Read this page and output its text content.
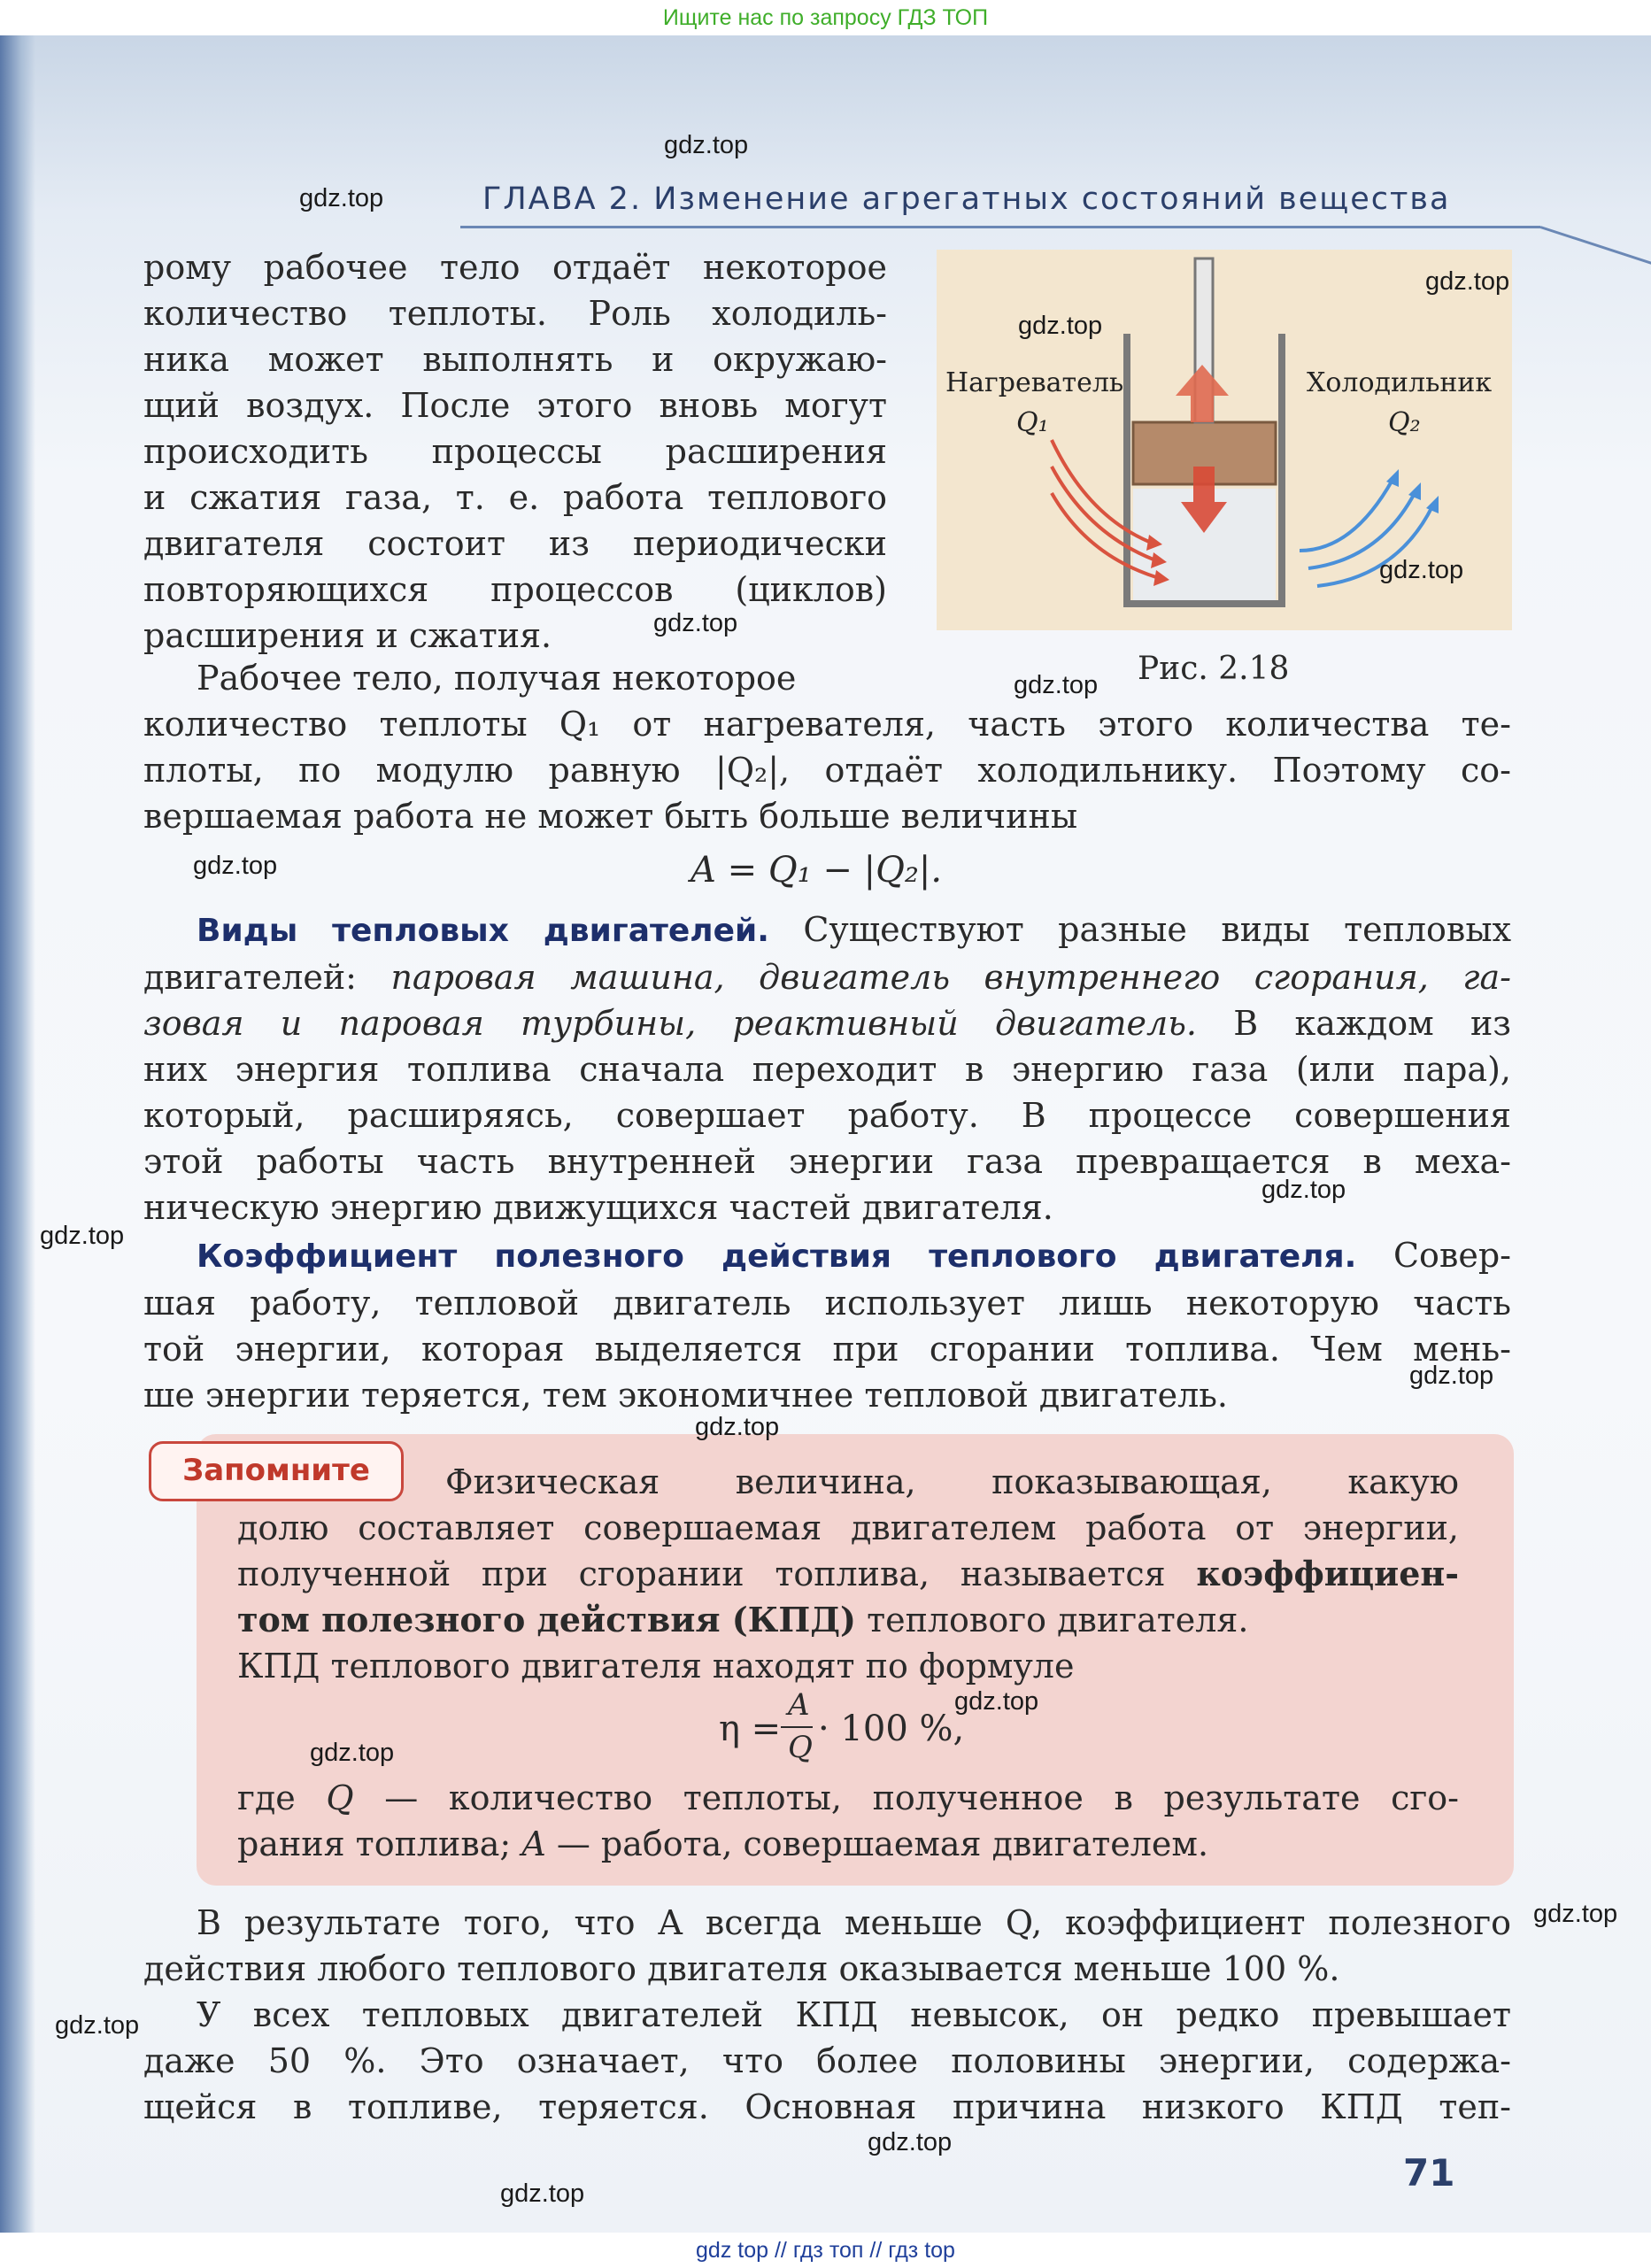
Ищите нас по запросу ГДЗ ТОП
ГЛАВА 2. Изменение агрегатных состояний вещества
рому рабочее тело отдаёт некоторое
количество теплоты. Роль холодиль-
ника может выполнять и окружаю-
щий воздух. После этого вновь могут
происходить процессы расширения
и сжатия газа, т. е. работа теплового
двигателя состоит из периодически
повторяющихся процессов (циклов)
расширения и сжатия.
Нагреватель
Q₁
Холодильник
Q₂
Рис. 2.18
Рабочее тело, получая некоторое
количество теплоты Q₁ от нагревателя, часть этого количества те-
плоты, по модулю равную |Q₂|, отдаёт холодильнику. Поэтому со-
вершаемая работа не может быть больше величины
A = Q₁ − |Q₂|.
Виды тепловых двигателей. Существуют разные виды тепловых
двигателей: паровая машина, двигатель внутреннего сгорания, га-
зовая и паровая турбины, реактивный двигатель. В каждом из
них энергия топлива сначала переходит в энергию газа (или пара),
который, расширяясь, совершает работу. В процессе совершения
этой работы часть внутренней энергии газа превращается в меха-
ническую энергию движущихся частей двигателя.
Коэффициент полезного действия теплового двигателя. Совер-
шая работу, тепловой двигатель использует лишь некоторую часть
той энергии, которая выделяется при сгорании топлива. Чем мень-
ше энергии теряется, тем экономичнее тепловой двигатель.
Запомните	Физическая величина, показывающая, какую
долю составляет совершаемая двигателем работа от энергии,
полученной при сгорании топлива, называется коэффициен-
том полезного действия (КПД) теплового двигателя.
КПД теплового двигателя находят по формуле
η =
A
Q · 100 %,
где Q — количество теплоты, полученное в результате сго-
рания топлива; A — работа, совершаемая двигателем.
В результате того, что A всегда меньше Q, коэффициент полезного
действия любого теплового двигателя оказывается меньше 100 %.
У всех тепловых двигателей КПД невысок, он редко превышает
даже 50 %. Это означает, что более половины энергии, содержа-
щейся в топливе, теряется. Основная причина низкого КПД теп-
71
gdz.top
gdz.top
gdz.top
gdz.top
gdz.top
gdz.top
gdz.top
gdz.top
gdz.top
gdz.top
gdz.top
gdz.top
gdz.top
gdz.top
gdz.top
gdz.top
gdz.top
gdz.top
gdz top // гдз топ // гдз top
